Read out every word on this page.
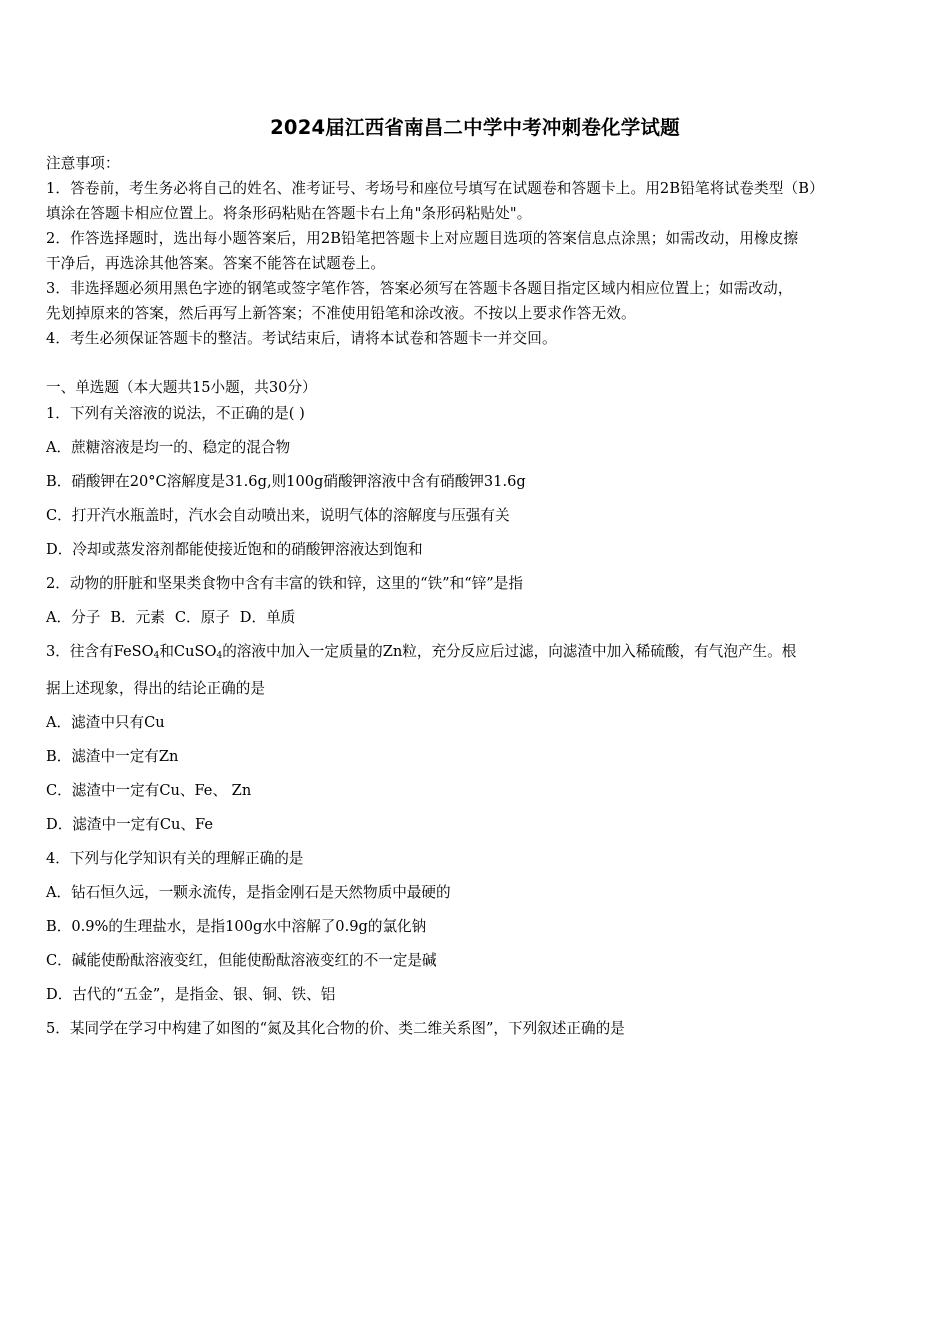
2024届江西省南昌二中学中考冲刺卷化学试题
注意事项：
1．答卷前，考生务必将自己的姓名、准考证号、考场号和座位号填写在试题卷和答题卡上。用2B铅笔将试卷类型（B）
填涂在答题卡相应位置上。将条形码粘贴在答题卡右上角"条形码粘贴处"。
2．作答选择题时，选出每小题答案后，用2B铅笔把答题卡上对应题目选项的答案信息点涂黑；如需改动，用橡皮擦
干净后，再选涂其他答案。答案不能答在试题卷上。
3．非选择题必须用黑色字迹的钢笔或签字笔作答，答案必须写在答题卡各题目指定区域内相应位置上；如需改动，
先划掉原来的答案，然后再写上新答案；不准使用铅笔和涂改液。不按以上要求作答无效。
4．考生必须保证答题卡的整洁。考试结束后，请将本试卷和答题卡一并交回。
一、单选题（本大题共15小题，共30分）
1．下列有关溶液的说法，不正确的是( )
A．蔗糖溶液是均一的、稳定的混合物
B．硝酸钾在20°C溶解度是31.6g,则100g硝酸钾溶液中含有硝酸钾31.6g
C．打开汽水瓶盖时，汽水会自动喷出来，说明气体的溶解度与压强有关
D．冷却或蒸发溶剂都能使接近饱和的硝酸钾溶液达到饱和
2．动物的肝脏和坚果类食物中含有丰富的铁和锌，这里的“铁”和“锌”是指
A．分子 B．元素 C．原子 D．单质
3．往含有FeSO$_4$和CuSO$_4$的溶液中加入一定质量的Zn粒，充分反应后过滤，向滤渣中加入稀硫酸，有气泡产生。根
据上述现象，得出的结论正确的是
A．滤渣中只有Cu
B．滤渣中一定有Zn
C．滤渣中一定有Cu、Fe、 Zn
D．滤渣中一定有Cu、Fe
4．下列与化学知识有关的理解正确的是
A．钻石恒久远，一颗永流传，是指金刚石是天然物质中最硬的
B．0.9%的生理盐水，是指100g水中溶解了0.9g的氯化钠
C．碱能使酚酞溶液变红，但能使酚酞溶液变红的不一定是碱
D．古代的“五金”，是指金、银、铜、铁、铝
5．某同学在学习中构建了如图的“氮及其化合物的价、类二维关系图”，下列叙述正确的是
